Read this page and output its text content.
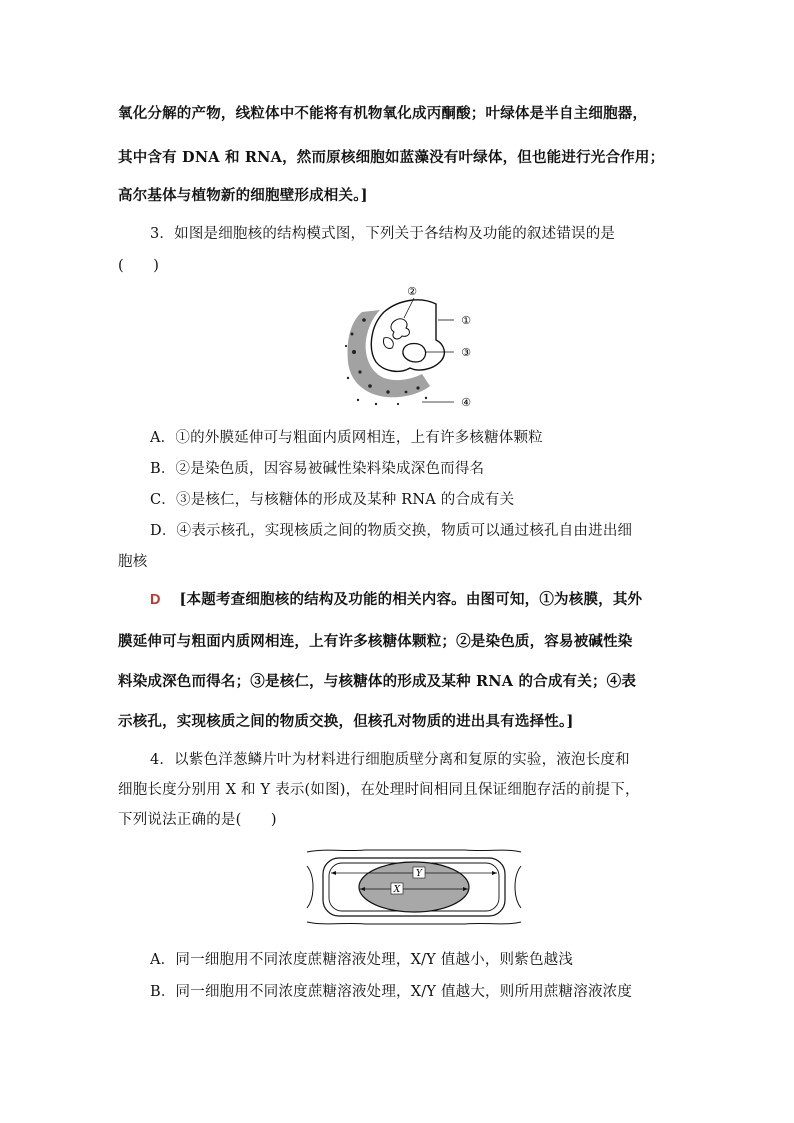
氧化分解的产物，线粒体中不能将有机物氧化成丙酮酸；叶绿体是半自主细胞器，
其中含有 DNA 和 RNA，然而原核细胞如蓝藻没有叶绿体，但也能进行光合作用；
高尔基体与植物新的细胞壁形成相关。]
3．如图是细胞核的结构模式图，下列关于各结构及功能的叙述错误的是
(　　)
②
①
③
④
A．①的外膜延伸可与粗面内质网相连，上有许多核糖体颗粒
B．②是染色质，因容易被碱性染料染成深色而得名
C．③是核仁，与核糖体的形成及某种 RNA 的合成有关
D．④表示核孔，实现核质之间的物质交换，物质可以通过核孔自由进出细
胞核
D [本题考查细胞核的结构及功能的相关内容。由图可知，①为核膜，其外
膜延伸可与粗面内质网相连，上有许多核糖体颗粒；②是染色质，容易被碱性染
料染成深色而得名；③是核仁，与核糖体的形成及某种 RNA 的合成有关；④表
示核孔，实现核质之间的物质交换，但核孔对物质的进出具有选择性。]
4．以紫色洋葱鳞片叶为材料进行细胞质壁分离和复原的实验，液泡长度和
细胞长度分别用 X 和 Y 表示(如图)，在处理时间相同且保证细胞存活的前提下，
下列说法正确的是(　　)
Y
X
A．同一细胞用不同浓度蔗糖溶液处理，X/Y 值越小，则紫色越浅
B．同一细胞用不同浓度蔗糖溶液处理，X/Y 值越大，则所用蔗糖溶液浓度
